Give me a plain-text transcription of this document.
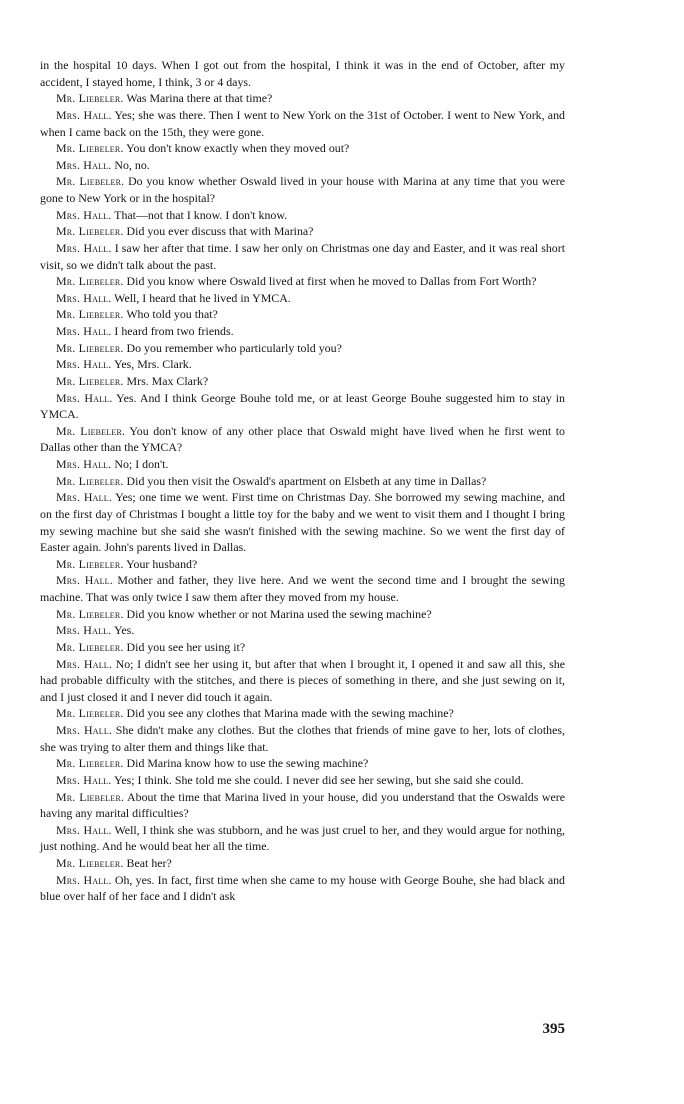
in the hospital 10 days. When I got out from the hospital, I think it was in the end of October, after my accident, I stayed home, I think, 3 or 4 days.

Mr. Liebeler. Was Marina there at that time?

Mrs. Hall. Yes; she was there. Then I went to New York on the 31st of October. I went to New York, and when I came back on the 15th, they were gone.

Mr. Liebeler. You don't know exactly when they moved out?

Mrs. Hall. No, no.

Mr. Liebeler. Do you know whether Oswald lived in your house with Marina at any time that you were gone to New York or in the hospital?

Mrs. Hall. That—not that I know. I don't know.

Mr. Liebeler. Did you ever discuss that with Marina?

Mrs. Hall. I saw her after that time. I saw her only on Christmas one day and Easter, and it was real short visit, so we didn't talk about the past.

Mr. Liebeler. Did you know where Oswald lived at first when he moved to Dallas from Fort Worth?

Mrs. Hall. Well, I heard that he lived in YMCA.

Mr. Liebeler. Who told you that?

Mrs. Hall. I heard from two friends.

Mr. Liebeler. Do you remember who particularly told you?

Mrs. Hall. Yes, Mrs. Clark.

Mr. Liebeler. Mrs. Max Clark?

Mrs. Hall. Yes. And I think George Bouhe told me, or at least George Bouhe suggested him to stay in YMCA.

Mr. Liebeler. You don't know of any other place that Oswald might have lived when he first went to Dallas other than the YMCA?

Mrs. Hall. No; I don't.

Mr. Liebeler. Did you then visit the Oswald's apartment on Elsbeth at any time in Dallas?

Mrs. Hall. Yes; one time we went. First time on Christmas Day. She borrowed my sewing machine, and on the first day of Christmas I bought a little toy for the baby and we went to visit them and I thought I bring my sewing machine but she said she wasn't finished with the sewing machine. So we went the first day of Easter again. John's parents lived in Dallas.

Mr. Liebeler. Your husband?

Mrs. Hall. Mother and father, they live here. And we went the second time and I brought the sewing machine. That was only twice I saw them after they moved from my house.

Mr. Liebeler. Did you know whether or not Marina used the sewing machine?

Mrs. Hall. Yes.

Mr. Liebeler. Did you see her using it?

Mrs. Hall. No; I didn't see her using it, but after that when I brought it, I opened it and saw all this, she had probable difficulty with the stitches, and there is pieces of something in there, and she just sewing on it, and I just closed it and I never did touch it again.

Mr. Liebeler. Did you see any clothes that Marina made with the sewing machine?

Mrs. Hall. She didn't make any clothes. But the clothes that friends of mine gave to her, lots of clothes, she was trying to alter them and things like that.

Mr. Liebeler. Did Marina know how to use the sewing machine?

Mrs. Hall. Yes; I think. She told me she could. I never did see her sewing, but she said she could.

Mr. Liebeler. About the time that Marina lived in your house, did you understand that the Oswalds were having any marital difficulties?

Mrs. Hall. Well, I think she was stubborn, and he was just cruel to her, and they would argue for nothing, just nothing. And he would beat her all the time.

Mr. Liebeler. Beat her?

Mrs. Hall. Oh, yes. In fact, first time when she came to my house with George Bouhe, she had black and blue over half of her face and I didn't ask

395
